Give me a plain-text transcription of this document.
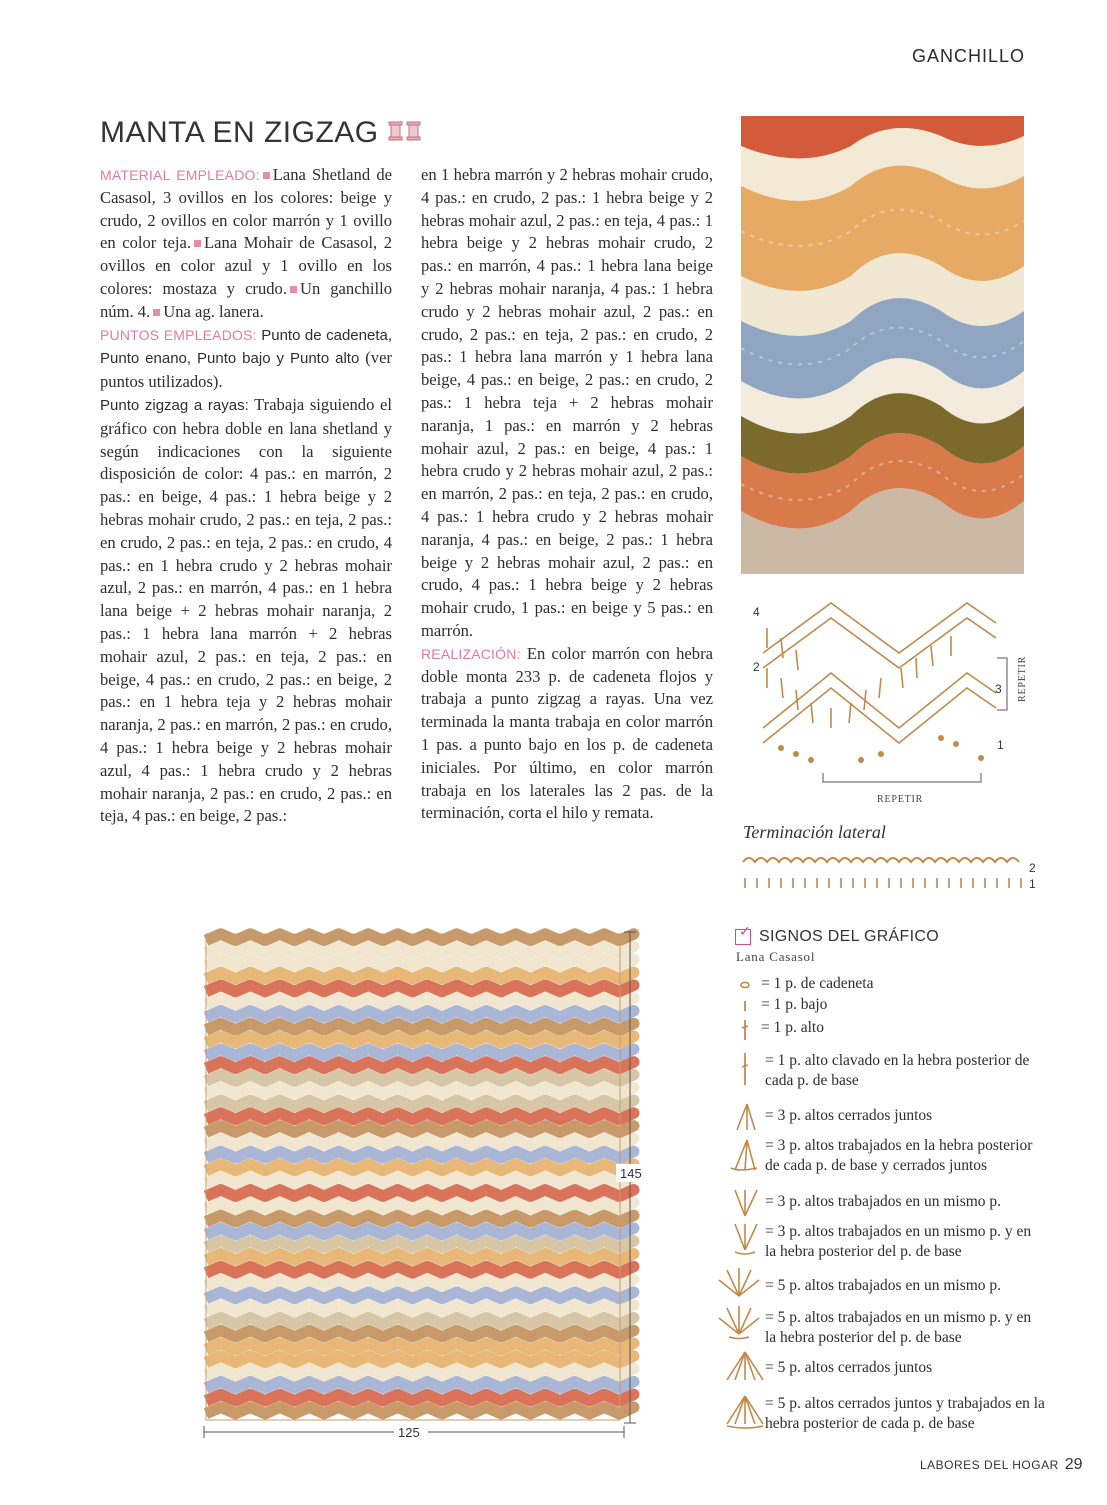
GANCHILLO
MANTA EN ZIGZAG

MATERIAL EMPLEADO: Lana Shetland de Casasol, 3 ovillos en los colores: beige y crudo, 2 ovillos en color marrón y 1 ovillo en color teja. Lana Mohair de Casasol, 2 ovillos en color azul y 1 ovillo en los colores: mostaza y crudo. Un ganchillo núm. 4. Una ag. lanera.

PUNTOS EMPLEADOS: Punto de cadeneta, Punto enano, Punto bajo y Punto alto (ver puntos utilizados).

Punto zigzag a rayas: Trabaja siguiendo el gráfico con hebra doble en lana shetland y según indicaciones con la siguiente disposición de color: 4 pas.: en marrón, 2 pas.: en beige, 4 pas.: 1 hebra beige y 2 hebras mohair crudo, 2 pas.: en teja, 2 pas.: en crudo, 2 pas.: en teja, 2 pas.: en crudo, 4 pas.: en 1 hebra crudo y 2 hebras mohair azul, 2 pas.: en marrón, 4 pas.: en 1 hebra lana beige + 2 hebras mohair naranja, 2 pas.: 1 hebra lana marrón + 2 hebras mohair azul, 2 pas.: en teja, 2 pas.: en beige, 4 pas.: en crudo, 2 pas.: en beige, 2 pas.: en 1 hebra teja y 2 hebras mohair naranja, 2 pas.: en marrón, 2 pas.: en crudo, 4 pas.: 1 hebra beige y 2 hebras mohair azul, 4 pas.: 1 hebra crudo y 2 hebras mohair naranja, 2 pas.: en crudo, 2 pas.: en teja, 4 pas.: en beige, 2 pas.:

en 1 hebra marrón y 2 hebras mohair crudo, 4 pas.: en crudo, 2 pas.: 1 hebra beige y 2 hebras mohair azul, 2 pas.: en teja, 4 pas.: 1 hebra beige y 2 hebras mohair crudo, 2 pas.: en marrón, 4 pas.: 1 hebra lana beige y 2 hebras mohair naranja, 4 pas.: 1 hebra crudo y 2 hebras mohair azul, 2 pas.: en crudo, 2 pas.: en teja, 2 pas.: en crudo, 2 pas.: 1 hebra lana marrón y 1 hebra lana beige, 4 pas.: en beige, 2 pas.: en crudo, 2 pas.: 1 hebra teja + 2 hebras mohair naranja, 1 pas.: en marrón y 2 hebras mohair azul, 2 pas.: en beige, 4 pas.: 1 hebra crudo y 2 hebras mohair azul, 2 pas.: en marrón, 2 pas.: en teja, 2 pas.: en crudo, 4 pas.: 1 hebra crudo y 2 hebras mohair naranja, 4 pas.: en beige, 2 pas.: 1 hebra beige y 2 hebras mohair azul, 2 pas.: en crudo, 4 pas.: 1 hebra beige y 2 hebras mohair crudo, 1 pas.: en beige y 5 pas.: en marrón.

REALIZACIÓN: En color marrón con hebra doble monta 233 p. de cadeneta flojos y trabaja a punto zigzag a rayas. Una vez terminada la manta trabaja en color marrón 1 pas. a punto bajo en los p. de cadeneta iniciales. Por último, en color marrón trabaja en los laterales las 2 pas. de la terminación, corta el hilo y remata.

4
2
3
1
REPETIR
REPETIR
Terminación lateral
2
1
145
125
✓ SIGNOS DEL GRÁFICO
Lana Casasol
= 1 p. de cadeneta
= 1 p. bajo
= 1 p. alto
= 1 p. alto clavado en la hebra posterior de cada p. de base
= 3 p. altos cerrados juntos
= 3 p. altos trabajados en la hebra posterior de cada p. de base y cerrados juntos
= 3 p. altos trabajados en un mismo p.
= 3 p. altos trabajados en un mismo p. y en la hebra posterior del p. de base
= 5 p. altos trabajados en un mismo p.
= 5 p. altos trabajados en un mismo p. y en la hebra posterior del p. de base
= 5 p. altos cerrados juntos
= 5 p. altos cerrados juntos y trabajados en la hebra posterior de cada p. de base
LABORES DEL HOGAR 29
